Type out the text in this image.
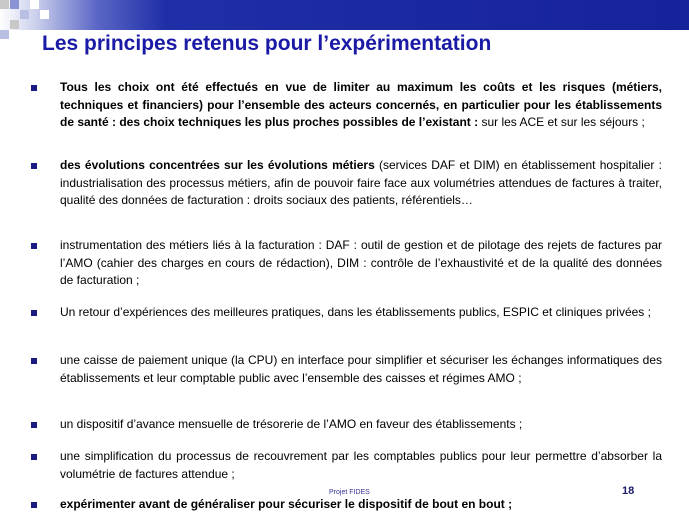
Les principes retenus pour l’expérimentation
Tous les choix ont été effectués en vue de limiter au maximum les coûts et les risques (métiers, techniques et financiers) pour l’ensemble des acteurs concernés, en particulier pour les établissements de santé : des choix techniques les plus proches possibles de l’existant : sur les ACE et sur les séjours ;
des évolutions concentrées sur les évolutions métiers (services DAF et DIM) en établissement hospitalier : industrialisation des processus métiers, afin de pouvoir faire face aux volumétries attendues de factures à traiter, qualité des données de facturation : droits sociaux des patients, référentiels…
instrumentation des métiers liés à la facturation : DAF : outil de gestion et de pilotage des rejets de factures par l’AMO (cahier des charges en cours de rédaction), DIM : contrôle de l’exhaustivité et de la qualité des données de facturation ;
Un retour d’expériences des meilleures pratiques, dans les établissements publics, ESPIC et cliniques privées ;
une caisse de paiement unique (la CPU) en interface pour simplifier et sécuriser les échanges informatiques des établissements et leur comptable public avec l’ensemble des caisses et régimes AMO ;
un dispositif d’avance mensuelle de trésorerie de l’AMO en faveur des établissements ;
une simplification du processus de recouvrement par les comptables publics pour leur permettre d’absorber la volumétrie de factures attendue ;
expérimenter avant de généraliser pour sécuriser le dispositif de bout en bout ;
Projet FIDES	18
